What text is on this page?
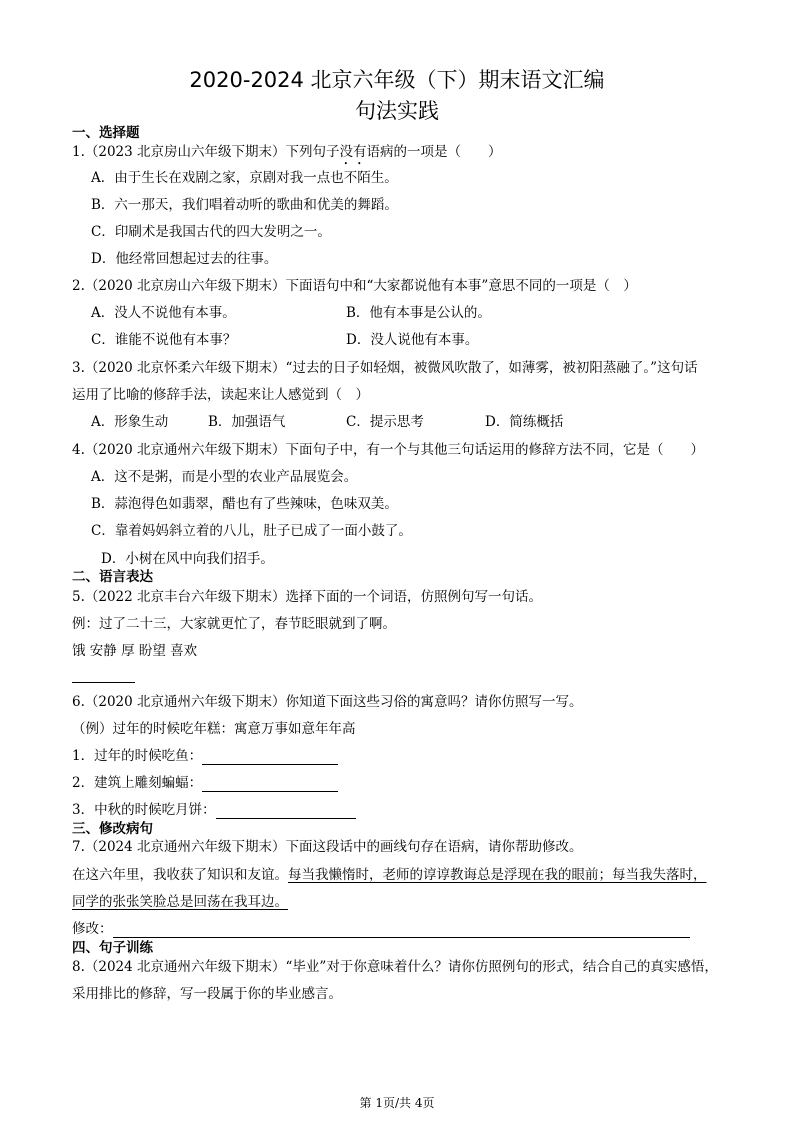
2020-2024 北京六年级（下）期末语文汇编
句法实践
一、选择题
1.（2023 北京房山六年级下期末）下列句子没有语病的一项是（　　）
A．由于生长在戏剧之家，京剧对我一点也不陌生。
B．六一那天，我们唱着动听的歌曲和优美的舞蹈。
C．印刷术是我国古代的四大发明之一。
D．他经常回想起过去的往事。
2.（2020 北京房山六年级下期末）下面语句中和“大家都说他有本事”意思不同的一项是（　）
A．没人不说他有本事。	B．他有本事是公认的。
C．谁能不说他有本事？	D．没人说他有本事。
3.（2020 北京怀柔六年级下期末）“过去的日子如轻烟，被微风吹散了，如薄雾，被初阳蒸融了。”这句话
运用了比喻的修辞手法，读起来让人感觉到（　）
A．形象生动	B．加强语气	C．提示思考	D．简练概括
4.（2020 北京通州六年级下期末）下面句子中，有一个与其他三句话运用的修辞方法不同，它是（　　）
A．这不是粥，而是小型的农业产品展览会。
B．蒜泡得色如翡翠，醋也有了些辣味，色味双美。
C．靠着妈妈斜立着的八儿，肚子已成了一面小鼓了。
D．小树在风中向我们招手。
二、语言表达
5.（2022 北京丰台六年级下期末）选择下面的一个词语，仿照例句写一句话。
例：过了二十三，大家就更忙了，春节眨眼就到了啊。
饿 安静 厚 盼望 喜欢
6.（2020 北京通州六年级下期末）你知道下面这些习俗的寓意吗？请你仿照写一写。
（例）过年的时候吃年糕：寓意万事如意年年高
1．过年的时候吃鱼：
2．建筑上雕刻蝙蝠：
3．中秋的时候吃月饼：
三、修改病句
7.（2024 北京通州六年级下期末）下面这段话中的画线句存在语病，请你帮助修改。
在这六年里，我收获了知识和友谊。每当我懒惰时，老师的谆谆教诲总是浮现在我的眼前；每当我失落时，
同学的张张笑脸总是回荡在我耳边。
修改：
四、句子训练
8.（2024 北京通州六年级下期末）“毕业”对于你意味着什么？请你仿照例句的形式，结合自己的真实感悟，
采用排比的修辞，写一段属于你的毕业感言。
第 1页/共 4页
